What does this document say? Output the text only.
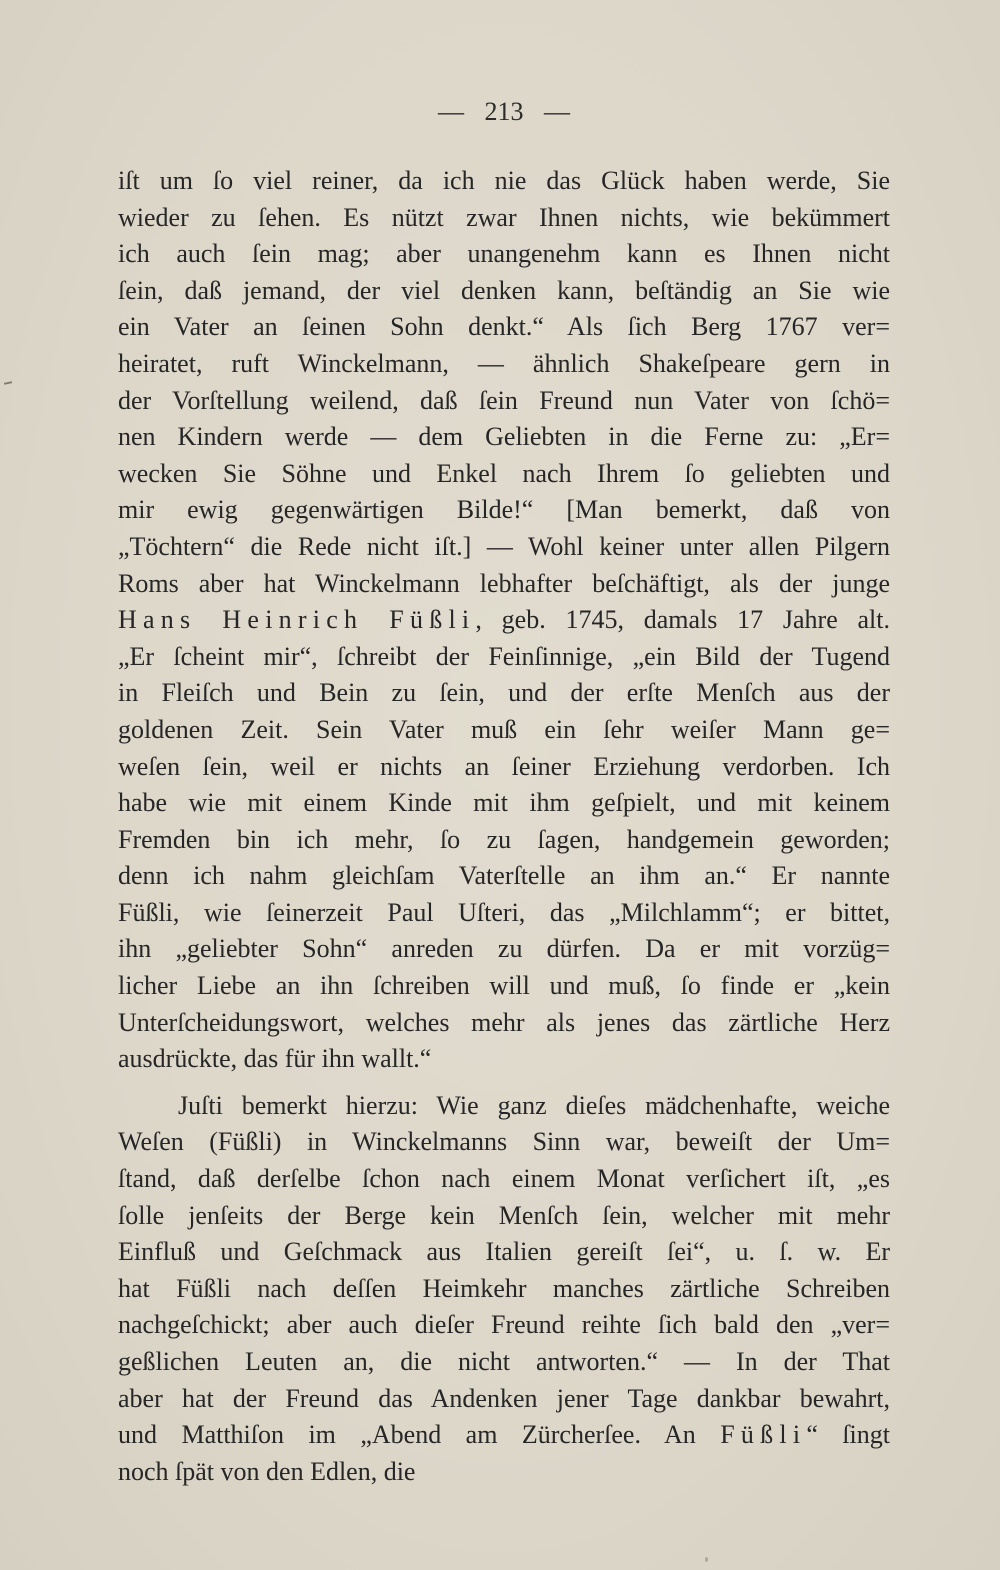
— 213 —
iſt um ſo viel reiner, da ich nie das Glück haben werde, Sie
wieder zu ſehen. Es nützt zwar Ihnen nichts, wie bekümmert
ich auch ſein mag; aber unangenehm kann es Ihnen nicht
ſein, daß jemand, der viel denken kann, beſtändig an Sie wie
ein Vater an ſeinen Sohn denkt.“ Als ſich Berg 1767 ver=
heiratet, ruft Winckelmann, — ähnlich Shakeſpeare gern in
der Vorſtellung weilend, daß ſein Freund nun Vater von ſchö=
nen Kindern werde — dem Geliebten in die Ferne zu: „Er=
wecken Sie Söhne und Enkel nach Ihrem ſo geliebten und
mir ewig gegenwärtigen Bilde!“ [Man bemerkt, daß von
„Töchtern“ die Rede nicht iſt.] — Wohl keiner unter allen Pilgern
Roms aber hat Winckelmann lebhafter beſchäftigt, als der junge
Hans Heinrich Füßli, geb. 1745, damals 17 Jahre alt.
„Er ſcheint mir“, ſchreibt der Feinſinnige, „ein Bild der Tugend
in Fleiſch und Bein zu ſein, und der erſte Menſch aus der
goldenen Zeit. Sein Vater muß ein ſehr weiſer Mann ge=
weſen ſein, weil er nichts an ſeiner Erziehung verdorben. Ich
habe wie mit einem Kinde mit ihm geſpielt, und mit keinem
Fremden bin ich mehr, ſo zu ſagen, handgemein geworden;
denn ich nahm gleichſam Vaterſtelle an ihm an.“ Er nannte
Füßli, wie ſeinerzeit Paul Uſteri, das „Milchlamm“; er bittet,
ihn „geliebter Sohn“ anreden zu dürfen. Da er mit vorzüg=
licher Liebe an ihn ſchreiben will und muß, ſo finde er „kein
Unterſcheidungswort, welches mehr als jenes das zärtliche Herz
ausdrückte, das für ihn wallt.“
Juſti bemerkt hierzu: Wie ganz dieſes mädchenhafte, weiche
Weſen (Füßli) in Winckelmanns Sinn war, beweiſt der Um=
ſtand, daß derſelbe ſchon nach einem Monat verſichert iſt, „es
ſolle jenſeits der Berge kein Menſch ſein, welcher mit mehr
Einfluß und Geſchmack aus Italien gereiſt ſei“, u. ſ. w. Er
hat Füßli nach deſſen Heimkehr manches zärtliche Schreiben
nachgeſchickt; aber auch dieſer Freund reihte ſich bald den „ver=
geßlichen Leuten an, die nicht antworten.“ — In der That
aber hat der Freund das Andenken jener Tage dankbar bewahrt,
und Matthiſon im „Abend am Zürcherſee. An Füßli“ ſingt
noch ſpät von den Edlen, die
